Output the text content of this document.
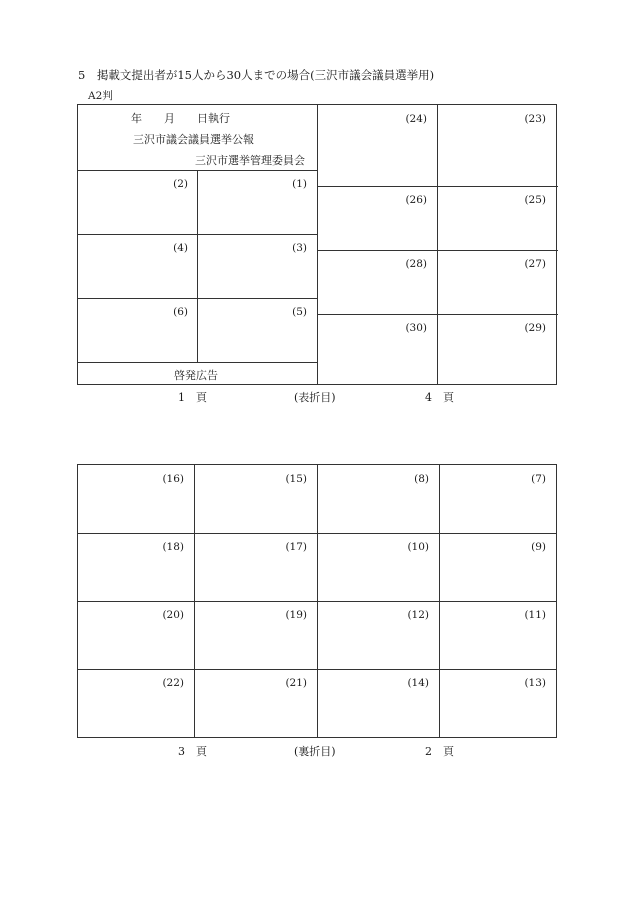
5　掲載文提出者が15人から30人までの場合(三沢市議会議員選挙用)
A2判
年　　月　　日執行
三沢市議会議員選挙公報
三沢市選挙管理委員会
(2)	(1)
(4)	(3)
(6)	(5)
啓発広告
(24)	(23)
(26)	(25)
(28)	(27)
(30)	(29)
1　頁	(表折目)	4　頁
(16)	(15)	(8)	(7)
(18)	(17)	(10)	(9)
(20)	(19)	(12)	(11)
(22)	(21)	(14)	(13)
3　頁	(裏折目)	2　頁
